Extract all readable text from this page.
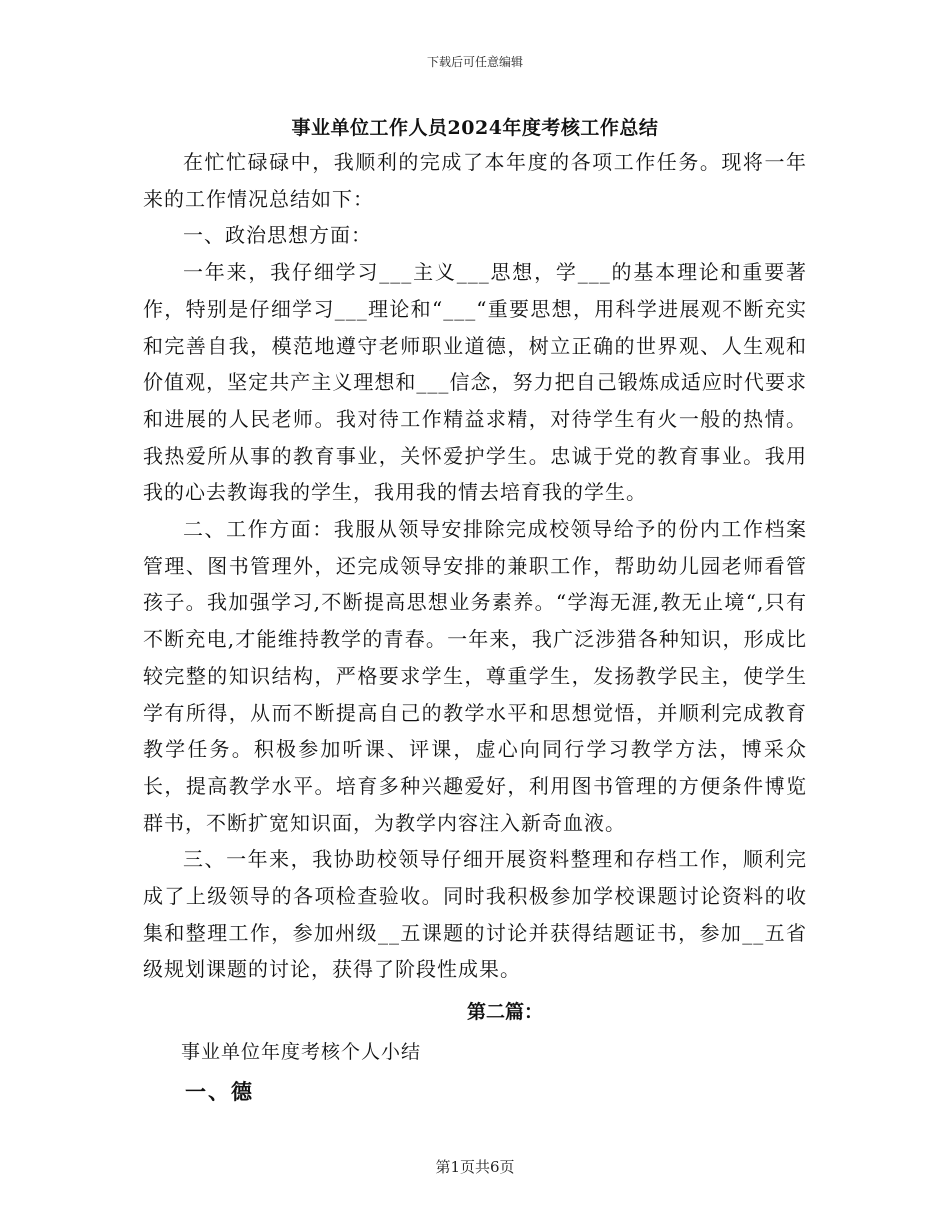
下载后可任意编辑
事业单位工作人员2024年度考核工作总结

在忙忙碌碌中，我顺利的完成了本年度的各项工作任务。现将一年来的工作情况总结如下：

一、政治思想方面：

一年来，我仔细学习___主义___思想，学___的基本理论和重要著作，特别是仔细学习___理论和“___“重要思想，用科学进展观不断充实和完善自我，模范地遵守老师职业道德，树立正确的世界观、人生观和价值观，坚定共产主义理想和___信念，努力把自己锻炼成适应时代要求和进展的人民老师。我对待工作精益求精，对待学生有火一般的热情。我热爱所从事的教育事业，关怀爱护学生。忠诚于党的教育事业。我用我的心去教诲我的学生，我用我的情去培育我的学生。

二、工作方面：我服从领导安排除完成校领导给予的份内工作档案管理、图书管理外，还完成领导安排的兼职工作，帮助幼儿园老师看管孩子。我加强学习,不断提高思想业务素养。“学海无涯,教无止境“,只有不断充电,才能维持教学的青春。一年来，我广泛涉猎各种知识，形成比较完整的知识结构，严格要求学生，尊重学生，发扬教学民主，使学生学有所得，从而不断提高自己的教学水平和思想觉悟，并顺利完成教育教学任务。积极参加听课、评课，虚心向同行学习教学方法，博采众长，提高教学水平。培育多种兴趣爱好，利用图书管理的方便条件博览群书，不断扩宽知识面，为教学内容注入新奇血液。

三、一年来，我协助校领导仔细开展资料整理和存档工作，顺利完成了上级领导的各项检查验收。同时我积极参加学校课题讨论资料的收集和整理工作，参加州级__五课题的讨论并获得结题证书，参加__五省级规划课题的讨论，获得了阶段性成果。

第二篇：
事业单位年度考核个人小结
一、德
第1页共6页
